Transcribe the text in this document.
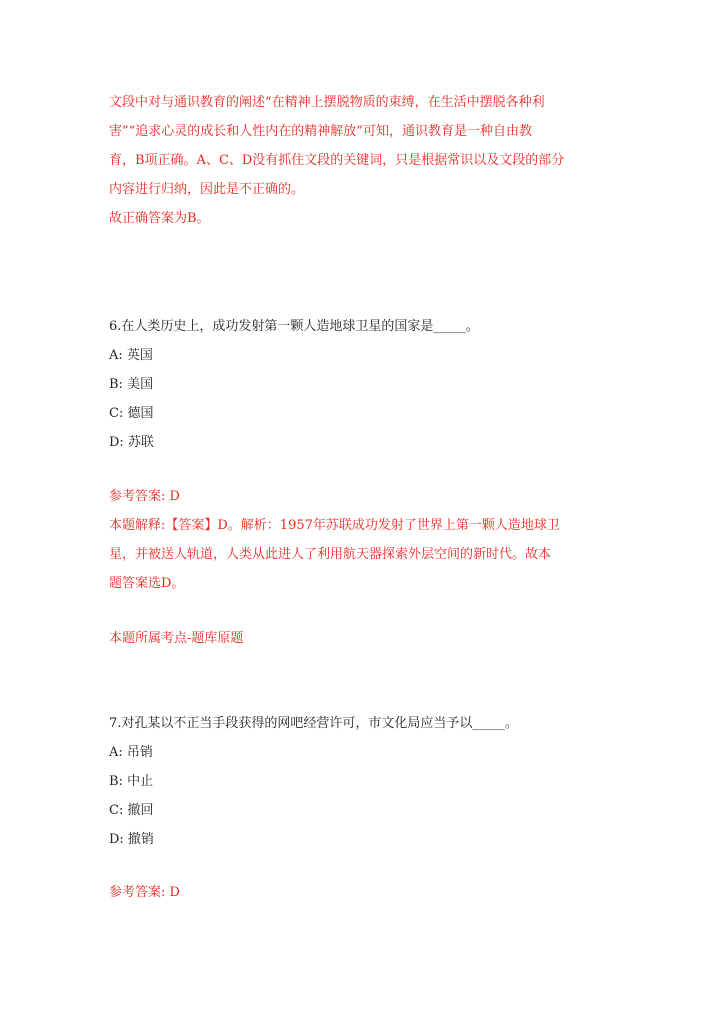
文段中对与通识教育的阐述“在精神上摆脱物质的束缚，在生活中摆脱各种利
害”“追求心灵的成长和人性内在的精神解放”可知，通识教育是一种自由教
育，B项正确。A、C、D没有抓住文段的关键词，只是根据常识以及文段的部分
内容进行归纳，因此是不正确的。
故正确答案为B。
6.在人类历史上，成功发射第一颗人造地球卫星的国家是_____。
A: 英国
B: 美国
C: 德国
D: 苏联
参考答案: D
本题解释:【答案】D。解析：1957年苏联成功发射了世界上第一颗人造地球卫
星，并被送人轨道，人类从此进人了利用航天器探索外层空间的新时代。故本
题答案选D。
本题所属考点-题库原题
7.对孔某以不正当手段获得的网吧经营许可，市文化局应当予以_____。
A: 吊销
B: 中止
C: 撤回
D: 撤销
参考答案: D
